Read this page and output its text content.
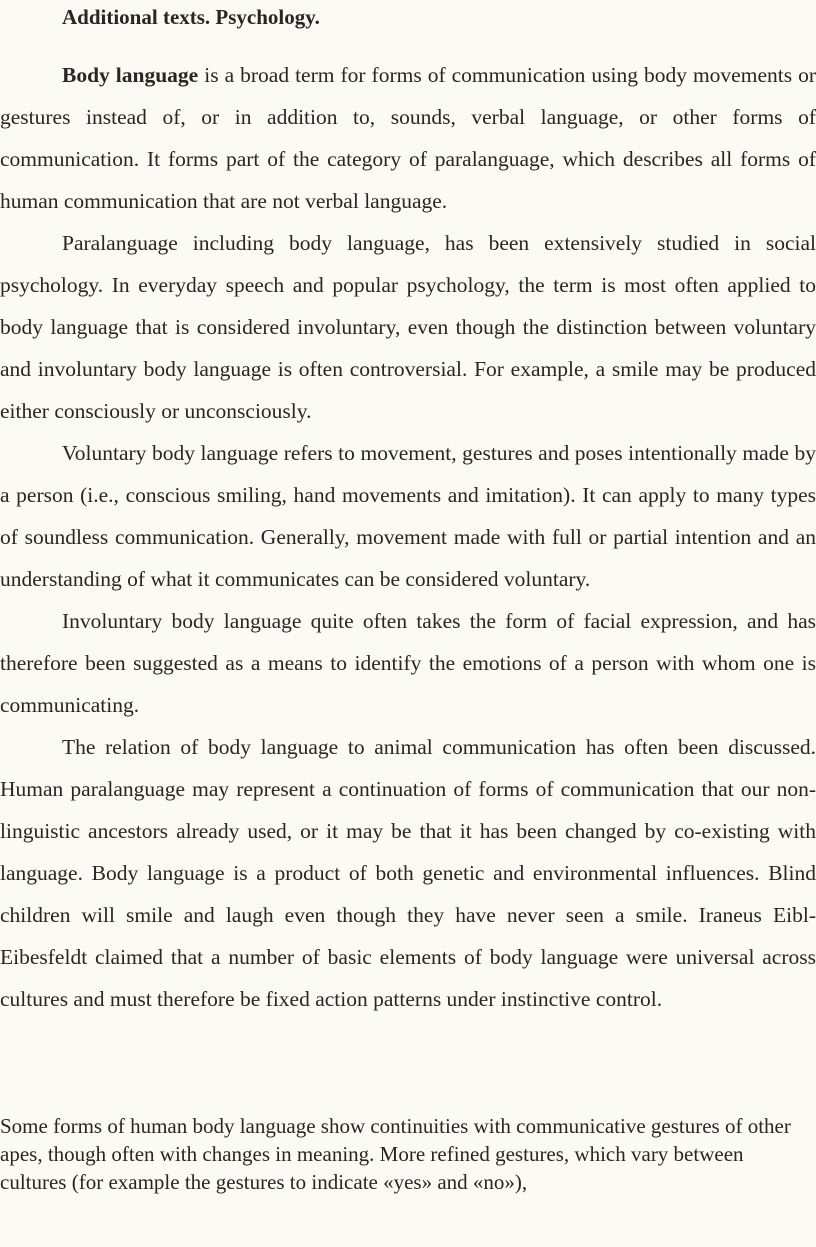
Additional texts. Psychology.

Body language is a broad term for forms of communication using body movements or gestures instead of, or in addition to, sounds, verbal language, or other forms of communication. It forms part of the category of paralanguage, which describes all forms of human communication that are not verbal language.

Paralanguage including body language, has been extensively studied in social psychology. In everyday speech and popular psychology, the term is most often applied to body language that is considered involuntary, even though the distinction between voluntary and involuntary body language is often controversial. For example, a smile may be produced either consciously or unconsciously.

Voluntary body language refers to movement, gestures and poses intentionally made by a person (i.e., conscious smiling, hand movements and imitation). It can apply to many types of soundless communication. Generally, movement made with full or partial intention and an understanding of what it communicates can be considered voluntary.

Involuntary body language quite often takes the form of facial expression, and has therefore been suggested as a means to identify the emotions of a person with whom one is communicating.

The relation of body language to animal communication has often been discussed. Human paralanguage may represent a continuation of forms of communication that our non-linguistic ancestors already used, or it may be that it has been changed by co-existing with language. Body language is a product of both genetic and environmental influences. Blind children will smile and laugh even though they have never seen a smile. Iraneus Eibl-Eibesfeldt claimed that a number of basic elements of body language were universal across cultures and must therefore be fixed action patterns under instinctive control.

Some forms of human body language show continuities with communicative gestures of other apes, though often with changes in meaning. More refined gestures, which vary between cultures (for example the gestures to indicate «yes» and «no»),
